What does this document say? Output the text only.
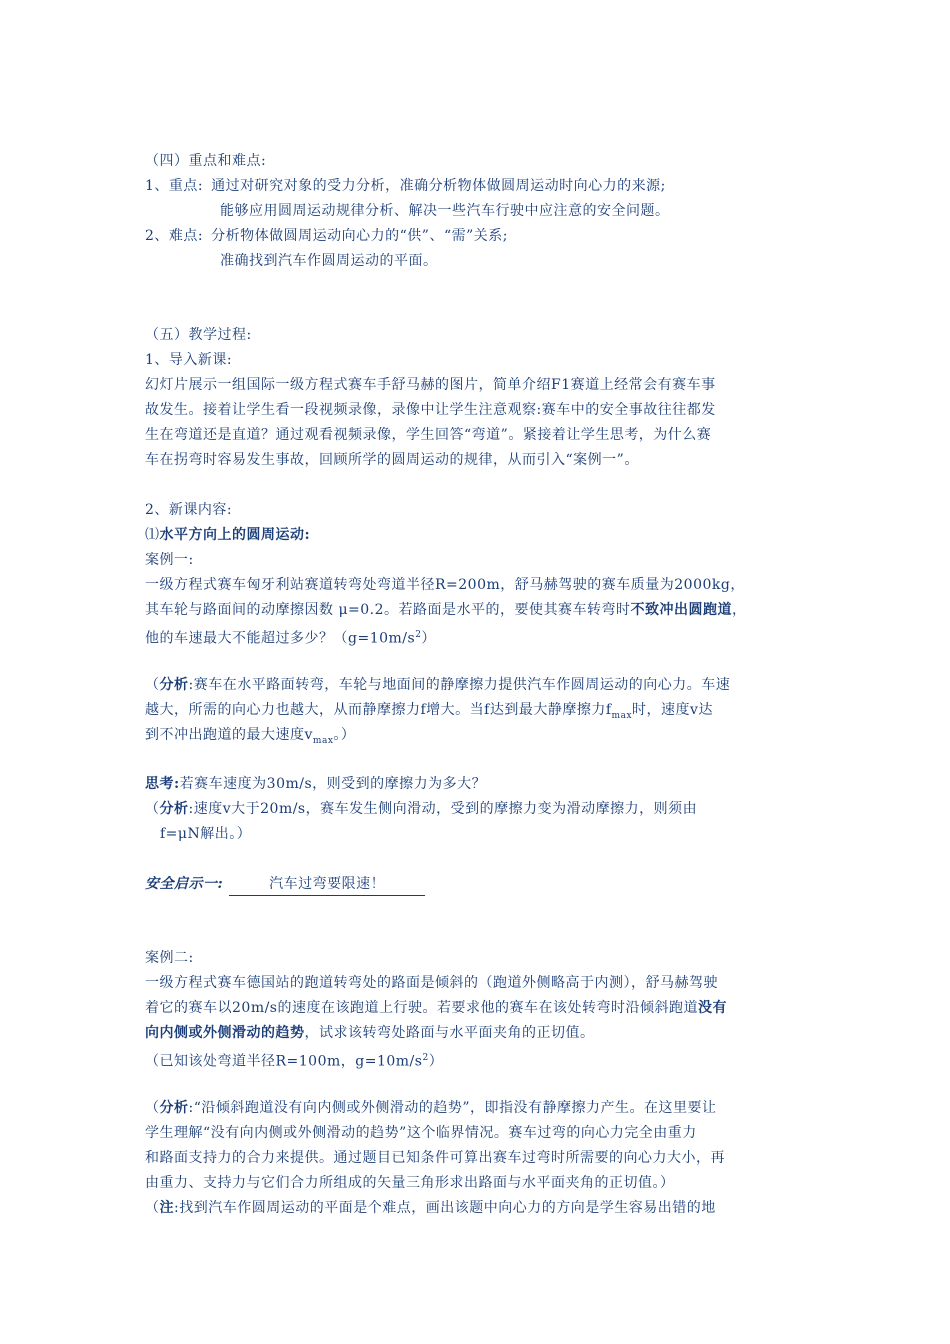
（四）重点和难点:
1、重点: 通过对研究对象的受力分析，准确分析物体做圆周运动时向心力的来源;
能够应用圆周运动规律分析、解决一些汽车行驶中应注意的安全问题。
2、难点: 分析物体做圆周运动向心力的“供”、“需”关系;
准确找到汽车作圆周运动的平面。
（五）教学过程:
1、导入新课:
幻灯片展示一组国际一级方程式赛车手舒马赫的图片，简单介绍F1赛道上经常会有赛车事
故发生。接着让学生看一段视频录像，录像中让学生注意观察:赛车中的安全事故往往都发
生在弯道还是直道？通过观看视频录像，学生回答“弯道”。紧接着让学生思考，为什么赛
车在拐弯时容易发生事故，回顾所学的圆周运动的规律，从而引入“案例一”。
2、新课内容:
⑴水平方向上的圆周运动:
案例一:
一级方程式赛车匈牙利站赛道转弯处弯道半径R=200m，舒马赫驾驶的赛车质量为2000kg，
其车轮与路面间的动摩擦因数 μ=0.2。若路面是水平的，要使其赛车转弯时不致冲出圆跑道，
他的车速最大不能超过多少？$(g=10m/s^2)$
（分析:赛车在水平路面转弯，车轮与地面间的静摩擦力提供汽车作圆周运动的向心力。车速
越大，所需的向心力也越大，从而静摩擦力f增大。当f达到最大静摩擦力$f_{max}$时，速度v达
到不冲出跑道的最大速度$v_{max}$。）
思考:若赛车速度为30m/s，则受到的摩擦力为多大？
（分析:速度v大于20m/s，赛车发生侧向滑动，受到的摩擦力变为滑动摩擦力，则须由
f=μN解出。）
安全启示一:	汽车过弯要限速！
案例二:
一级方程式赛车德国站的跑道转弯处的路面是倾斜的（跑道外侧略高于内测），舒马赫驾驶
着它的赛车以20m/s的速度在该跑道上行驶。若要求他的赛车在该处转弯时沿倾斜跑道没有
向内侧或外侧滑动的趋势，试求该转弯处路面与水平面夹角的正切值。
（已知该处弯道半径R=100m，$g=10m/s^2$）
（分析:“沿倾斜跑道没有向内侧或外侧滑动的趋势”，即指没有静摩擦力产生。在这里要让
学生理解“没有向内侧或外侧滑动的趋势”这个临界情况。赛车过弯的向心力完全由重力
和路面支持力的合力来提供。通过题目已知条件可算出赛车过弯时所需要的向心力大小，再
由重力、支持力与它们合力所组成的矢量三角形求出路面与水平面夹角的正切值。）
（注:找到汽车作圆周运动的平面是个难点，画出该题中向心力的方向是学生容易出错的地
